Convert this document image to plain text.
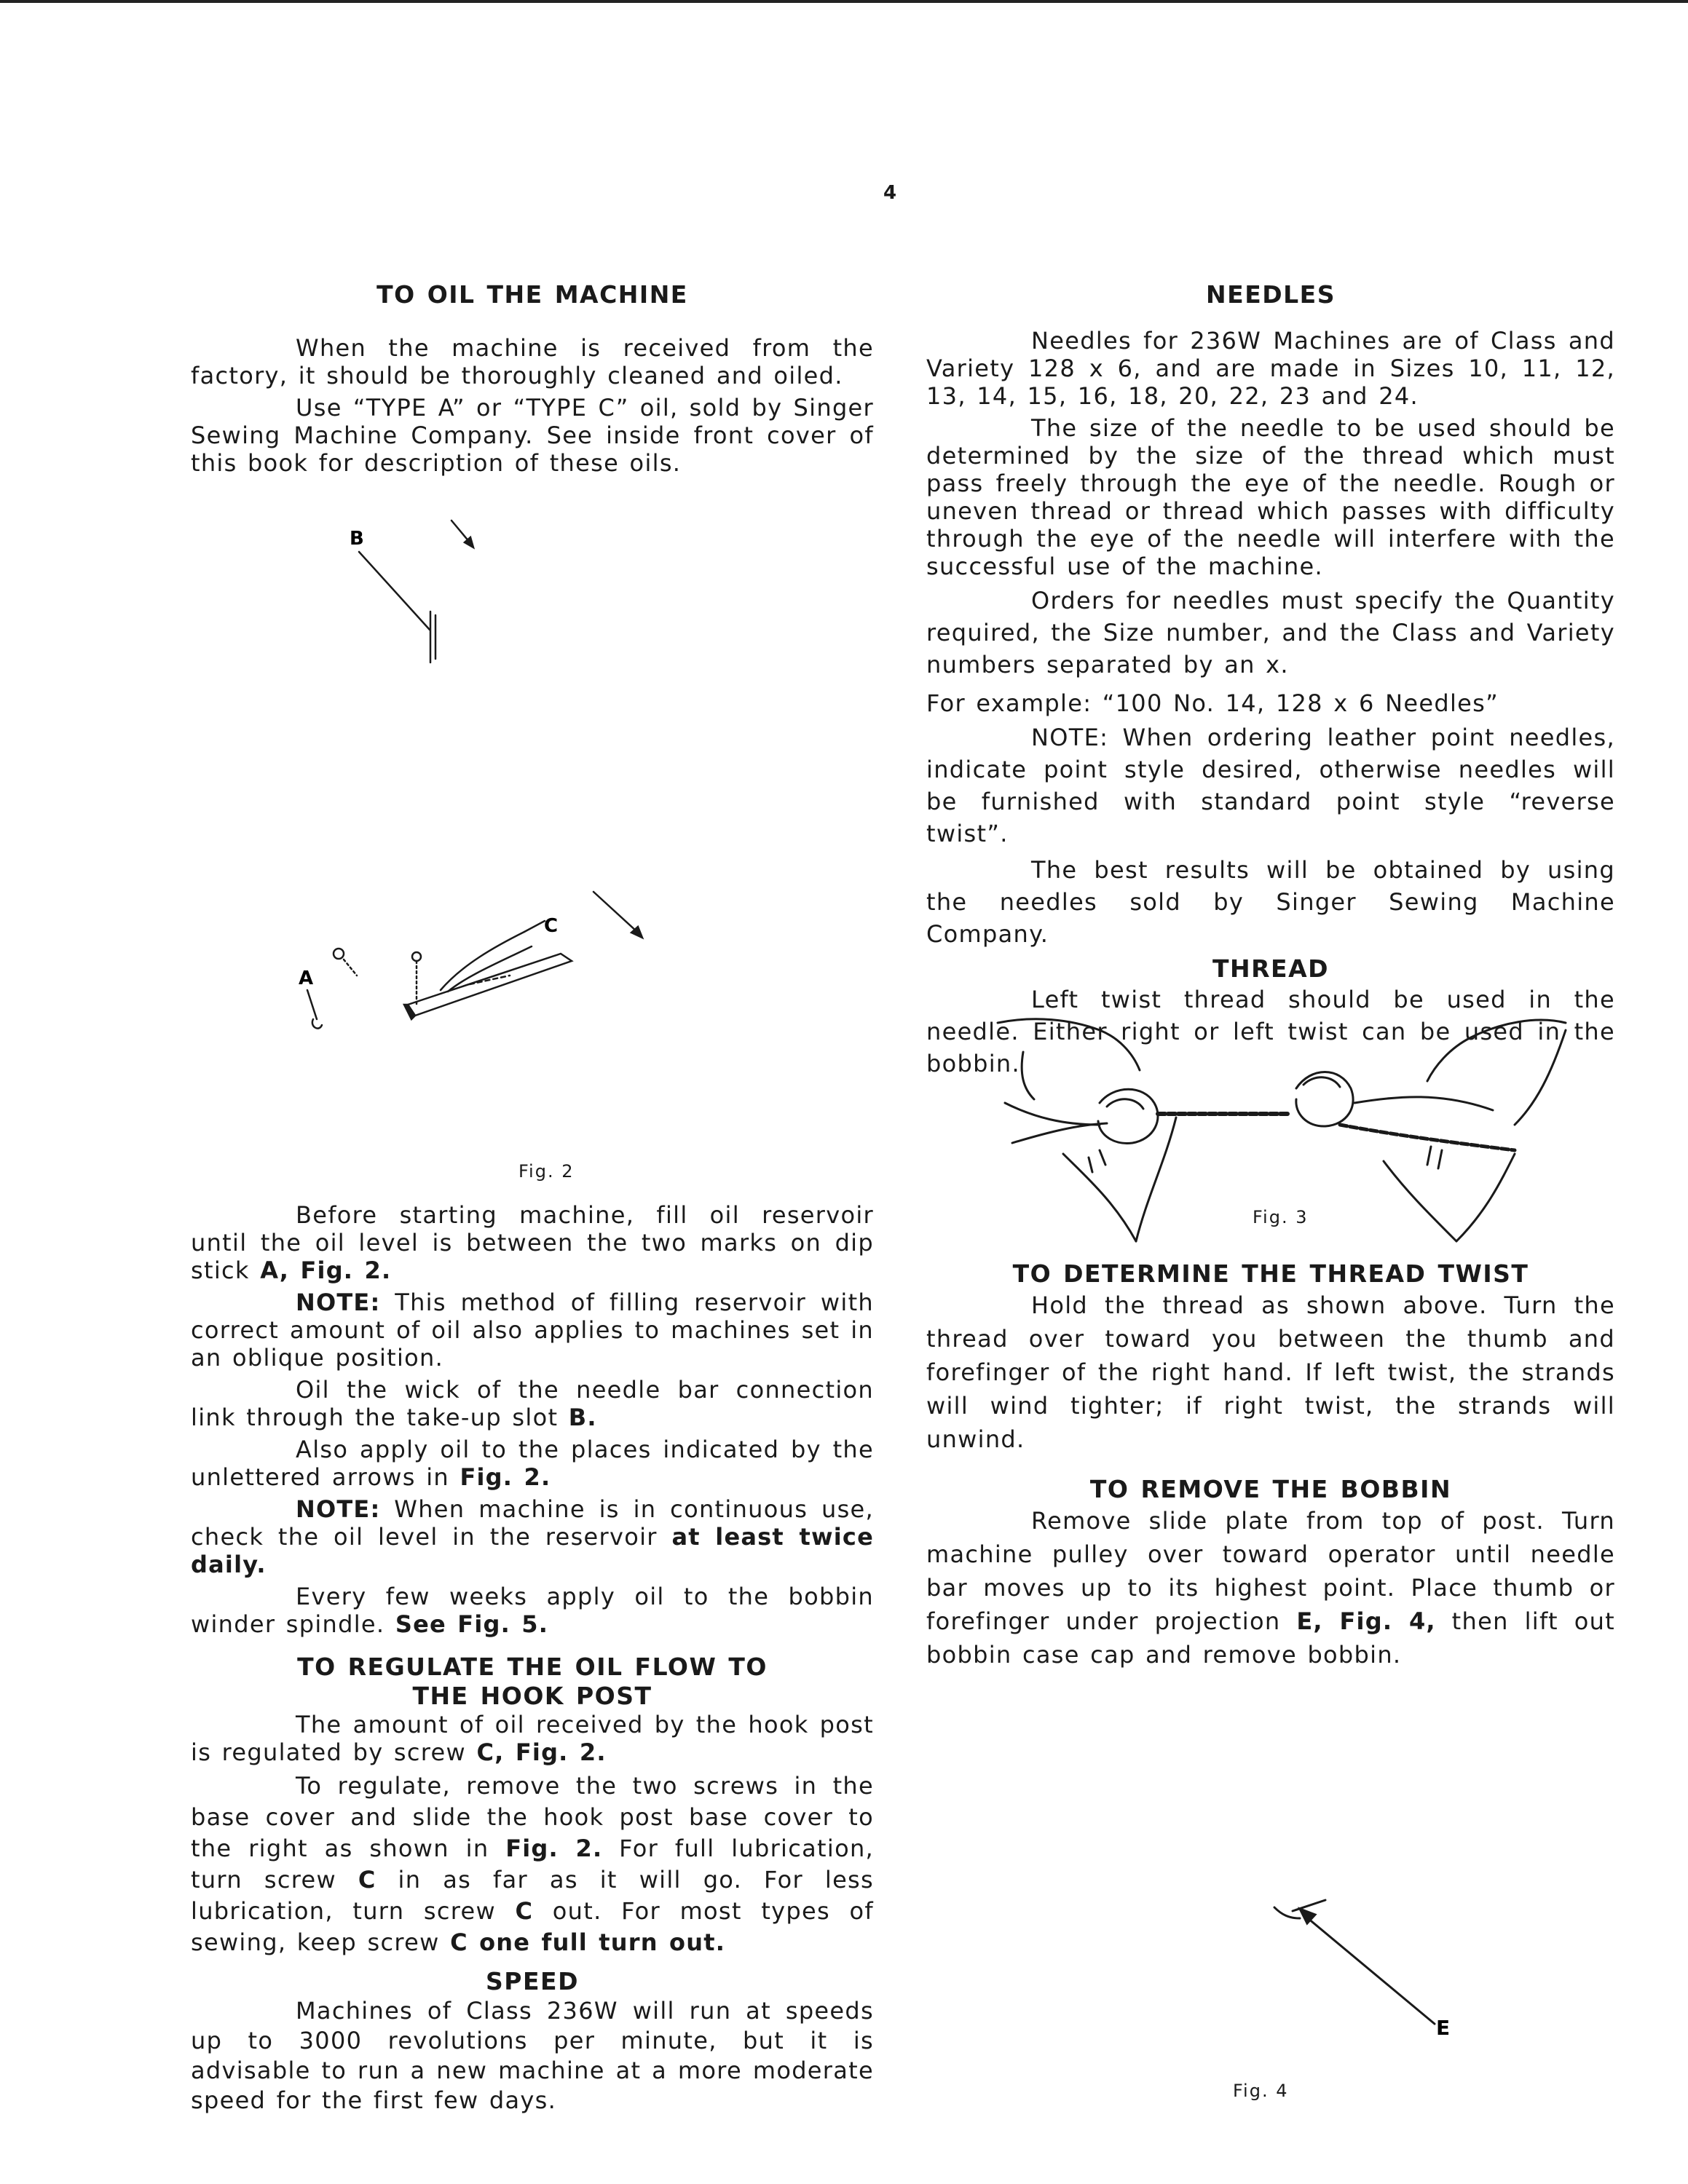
4
TO OIL THE MACHINE

When the machine is received from the factory, it should be thoroughly cleaned and oiled.

Use “TYPE A” or “TYPE C” oil, sold by Singer Sewing Machine Company. See inside front cover of this book for description of these oils.

B
C
A
Fig. 2

Before starting machine, fill oil reservoir until the oil level is between the two marks on dip stick A, Fig. 2.

NOTE: This method of filling reservoir with correct amount of oil also applies to machines set in an oblique position.

Oil the wick of the needle bar connection link through the take-up slot B.

Also apply oil to the places indicated by the unlettered arrows in Fig. 2.

NOTE: When machine is in continuous use, check the oil level in the reservoir at least twice daily.

Every few weeks apply oil to the bobbin winder spindle. See Fig. 5.

TO REGULATE THE OIL FLOW TO
THE HOOK POST

The amount of oil received by the hook post is regulated by screw C, Fig. 2.

To regulate, remove the two screws in the base cover and slide the hook post base cover to the right as shown in Fig. 2. For full lubrication, turn screw C in as far as it will go. For less lubrication, turn screw C out. For most types of sewing, keep screw C one full turn out.

SPEED

Machines of Class 236W will run at speeds up to 3000 revolutions per minute, but it is advisable to run a new machine at a more moderate speed for the first few days.

NEEDLES

Needles for 236W Machines are of Class and Variety 128 x 6, and are made in Sizes 10, 11, 12, 13, 14, 15, 16, 18, 20, 22, 23 and 24.

The size of the needle to be used should be determined by the size of the thread which must pass freely through the eye of the needle. Rough or uneven thread or thread which passes with difficulty through the eye of the needle will interfere with the successful use of the machine.

Orders for needles must specify the Quantity required, the Size number, and the Class and Variety numbers separated by an x.

For example: “100 No. 14, 128 x 6 Needles”

NOTE: When ordering leather point needles, indicate point style desired, otherwise needles will be furnished with standard point style “reverse twist”.

The best results will be obtained by using the needles sold by Singer Sewing Machine Company.

THREAD

Left twist thread should be used in the needle. Either right or left twist can be used in the bobbin.

Fig. 3
TO DETERMINE THE THREAD TWIST

Hold the thread as shown above. Turn the thread over toward you between the thumb and forefinger of the right hand. If left twist, the strands will wind tighter; if right twist, the strands will unwind.

TO REMOVE THE BOBBIN

Remove slide plate from top of post. Turn machine pulley over toward operator until needle bar moves up to its highest point. Place thumb or forefinger under projection E, Fig. 4, then lift out bobbin case cap and remove bobbin.

E
Fig. 4
